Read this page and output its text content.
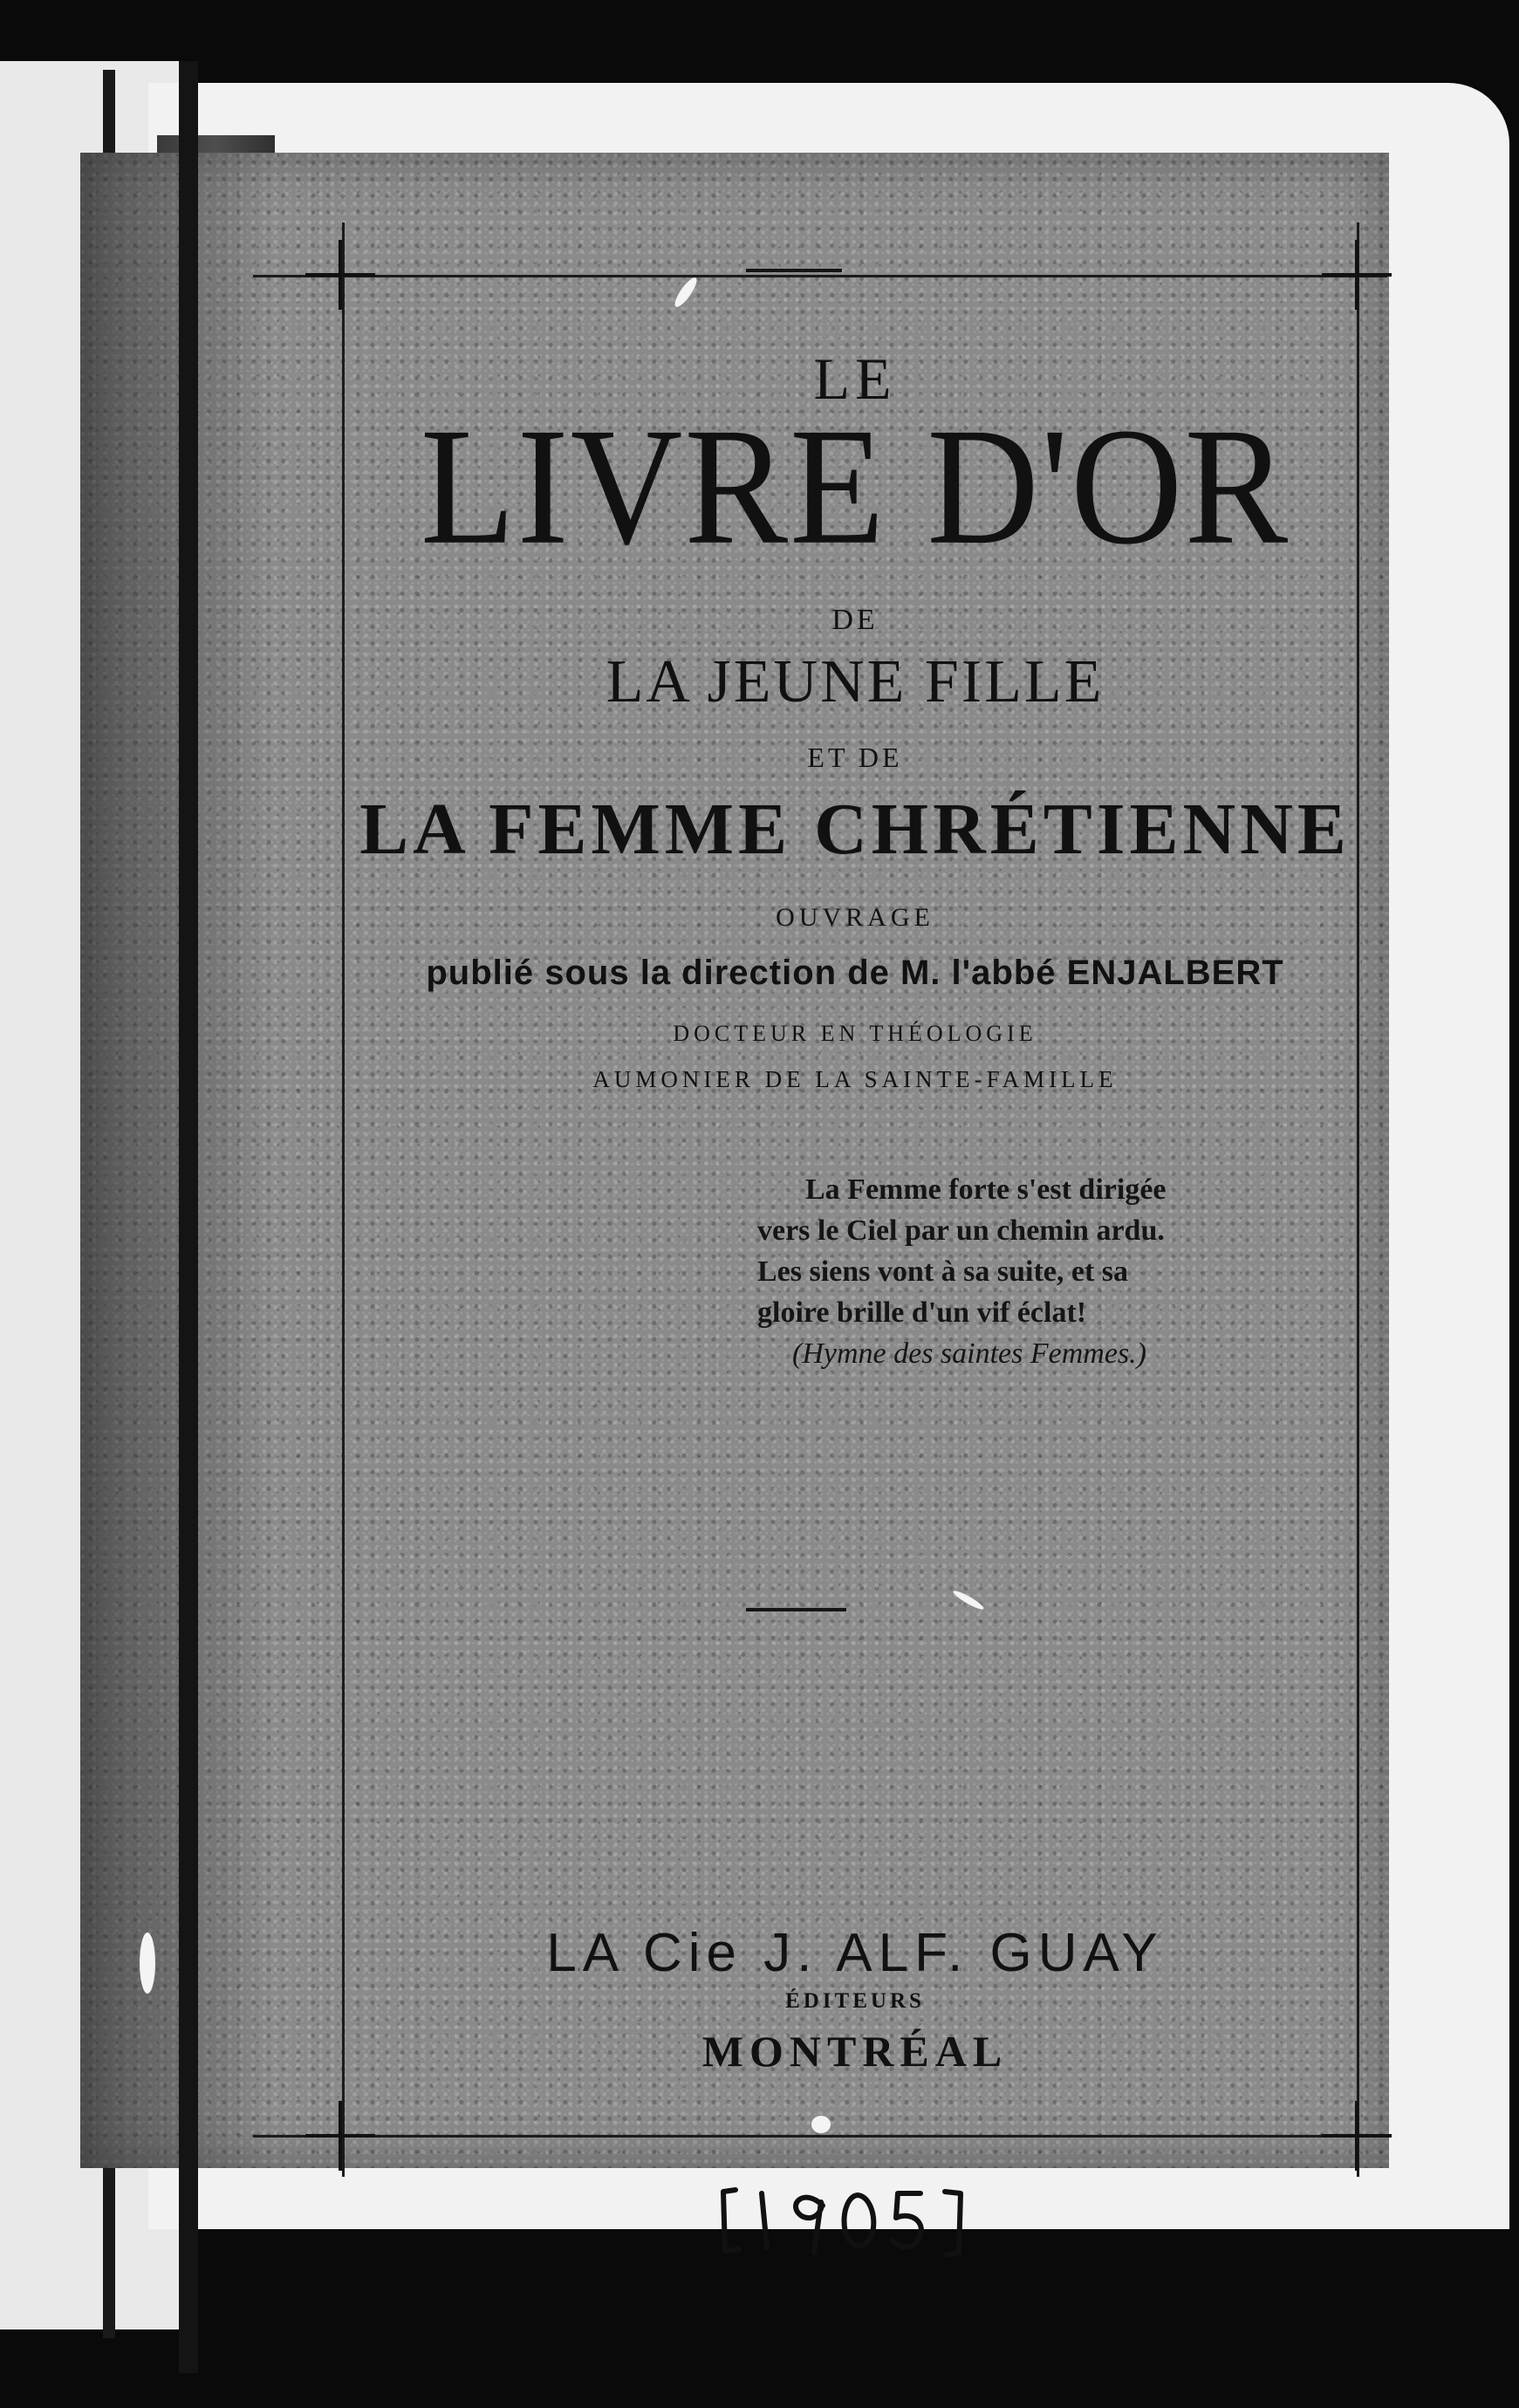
LE

LIVRE D'OR

DE

LA JEUNE FILLE

ET DE

LA FEMME CHRÉTIENNE

OUVRAGE

publié sous la direction de M. l'abbé ENJALBERT

DOCTEUR EN THÉOLOGIE

AUMONIER DE LA SAINTE-FAMILLE

La Femme forte s'est dirigée

vers le Ciel par un chemin ardu.

Les siens vont à sa suite, et sa

gloire brille d'un vif éclat!

(Hymne des saintes Femmes.)

LA Cie J. ALF. GUAY

ÉDITEURS

MONTRÉAL
